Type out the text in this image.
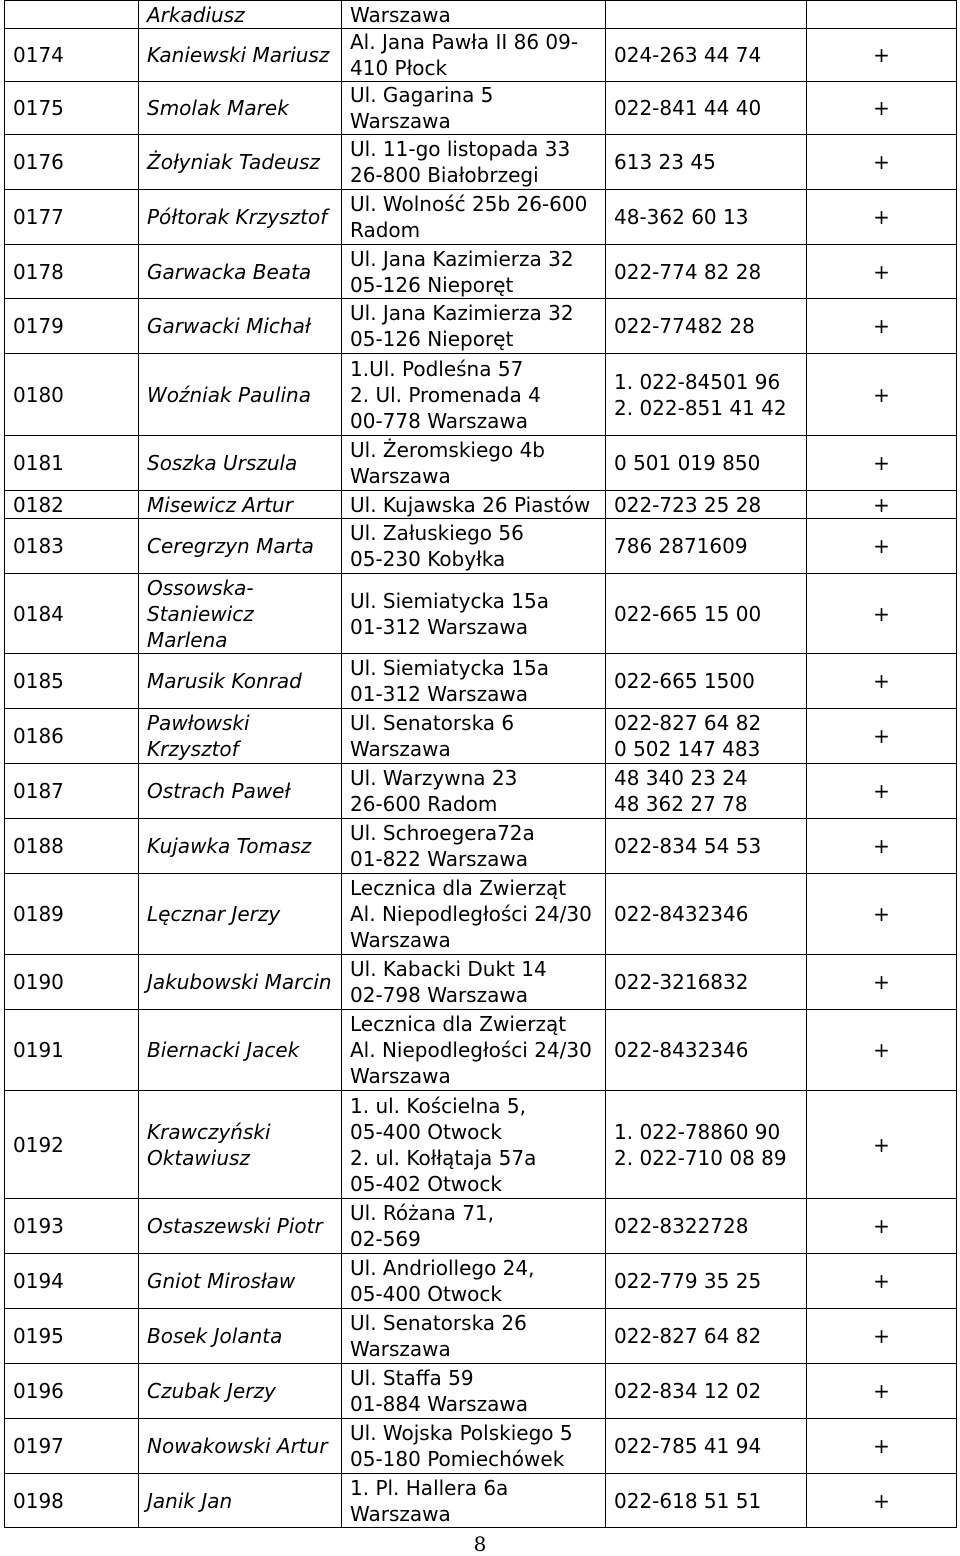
	Arkadiusz	Warszawa		
0174	Kaniewski Mariusz	Al. Jana Pawła II 86 09-
410 Płock	024-263 44 74	+
0175	Smolak Marek	Ul. Gagarina 5 Warszawa	022-841 44 40	+
0176	Żołyniak Tadeusz	Ul. 11-go listopada 33
26-800 Białobrzegi	613 23 45	+
0177	Półtorak Krzysztof	Ul. Wolność 25b 26-600
Radom	48-362 60 13	+
0178	Garwacka Beata	Ul. Jana Kazimierza 32
05-126 Nieporęt	022-774 82 28	+
0179	Garwacki Michał	Ul. Jana Kazimierza 32
05-126 Nieporęt	022-77482 28	+
0180	Woźniak Paulina	1.Ul. Podleśna 57
2. Ul. Promenada 4
00-778 Warszawa	1. 022-84501 96
2. 022-851 41 42	+
0181	Soszka Urszula	Ul. Żeromskiego 4b
Warszawa	0 501 019 850	+
0182	Misewicz Artur	Ul. Kujawska 26 Piastów	022-723 25 28	+
0183	Ceregrzyn Marta	Ul. Załuskiego 56
05-230 Kobyłka	786 2871609	+
0184	Ossowska-
Staniewicz
Marlena	Ul. Siemiatycka 15a
01-312 Warszawa	022-665 15 00	+
0185	Marusik Konrad	Ul. Siemiatycka 15a
01-312 Warszawa	022-665 1500	+
0186	Pawłowski
Krzysztof	Ul. Senatorska 6
Warszawa	022-827 64 82
0 502 147 483	+
0187	Ostrach Paweł	Ul. Warzywna 23
26-600 Radom	48 340 23 24
48 362 27 78	+
0188	Kujawka Tomasz	Ul. Schroegera72a
01-822 Warszawa	022-834 54 53	+
0189	Lęcznar Jerzy	Lecznica dla Zwierząt
Al. Niepodległości 24/30
Warszawa	022-8432346	+
0190	Jakubowski Marcin	Ul. Kabacki Dukt 14
02-798 Warszawa	022-3216832	+
0191	Biernacki Jacek	Lecznica dla Zwierząt
Al. Niepodległości 24/30
Warszawa	022-8432346	+
0192	Krawczyński
Oktawiusz	1. ul. Kościelna 5,
05-400 Otwock
2. ul. Kołłątaja 57a
05-402 Otwock	1. 022-78860 90
2. 022-710 08 89	+
0193	Ostaszewski Piotr	Ul. Różana 71,
02-569	022-8322728	+
0194	Gniot Mirosław	Ul. Andriollego 24,
05-400 Otwock	022-779 35 25	+
0195	Bosek Jolanta	Ul. Senatorska 26
Warszawa	022-827 64 82	+
0196	Czubak Jerzy	Ul. Staffa 59
01-884 Warszawa	022-834 12 02	+
0197	Nowakowski Artur	Ul. Wojska Polskiego 5
05-180 Pomiechówek	022-785 41 94	+
0198	Janik Jan	1. Pl. Hallera 6a
Warszawa	022-618 51 51	+
8
